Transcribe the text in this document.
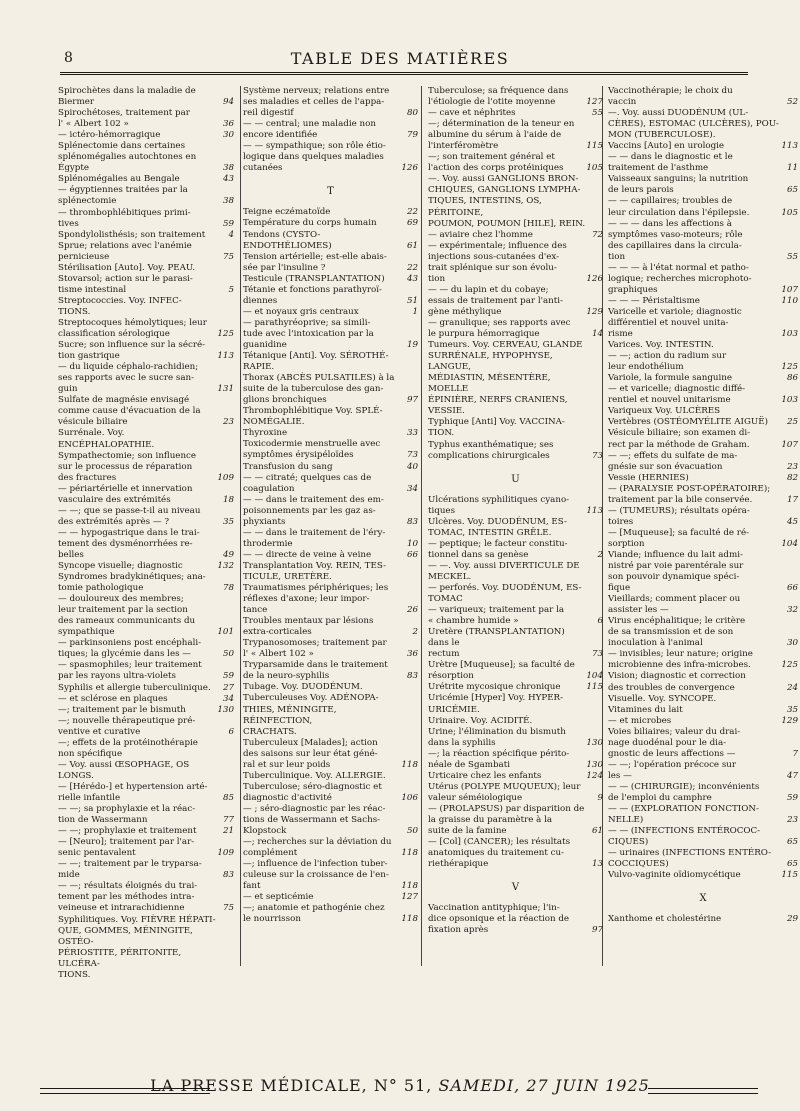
8	TABLE DES MATIÈRES
Spirochètes dans la maladie de
Biermer	94
Spirochétoses, traitement par
l' « Albert 102 »	36
— ictéro-hémorragique	30
Splénectomie dans certaines
splénomégalies autochtones en
Égypte	38
Splénomégalies au Bengale	43
— égyptiennes traitées par la
splénectomie	38
— thrombophlébitiques primi-
tives	59
Spondylolisthésis; son traitement	4
Sprue; relations avec l'anémie
pernicieuse	75
Stérilisation [Auto]. Voy. PEAU.
Stovarsol; action sur le parasi-
tisme intestinal	5
Streptococcies. Voy. INFEC-
TIONS.
Streptocoques hémolytiques; leur
classification sérologique	125
Sucre; son influence sur la sécré-
tion gastrique	113
— du liquide céphalo-rachidien;
ses rapports avec le sucre san-
guin	131
Sulfate de magnésie envisagé
comme cause d'évacuation de la
vésicule biliaire	23
Surrénale. Voy. ENCÉPHALOPATHIE.
Sympathectomie; son influence
sur le processus de réparation
des fractures	109
— périartérielle et innervation
vasculaire des extrémités	18
— —; que se passe-t-il au niveau
des extrémités après — ?	35
— — hypogastrique dans le trai-
tement des dysménorrhées re-
belles	49
Syncope visuelle; diagnostic	132
Syndromes bradykinétiques; ana-
tomie pathologique	78
— douloureux des membres;
leur traitement par la section
des rameaux communicants du
sympathique	101
— parkinsoniens post encéphali-
tiques; la glycémie dans les —	50
— spasmophiles; leur traitement
par les rayons ultra-violets	59
Syphilis et allergie tuberculinique.	27
— et sclérose en plaques	34
—; traitement par le bismuth	130
—; nouvelle thérapeutique pré-
ventive et curative	6
—; effets de la protéinothérapie
non spécifique
— Voy. aussi ŒSOPHAGE, OS LONGS.
— [Hérédo-] et hypertension arté-
rielle infantile	85
— —; sa prophylaxie et la réac-
tion de Wassermann	77
— —; prophylaxie et traitement	21
— [Neuro]; traitement par l'ar-
senic pentavalent	109
— —; traitement par le tryparsa-
mide	83
— —; résultats éloignés du trai-
tement par les méthodes intra-
veineuse et intrarachidienne	75
Syphilitiques. Voy. FIÈVRE HÉPATI-
QUE, GOMMES, MÉNINGITE, OSTÉO-
PÉRIOSTITE, PÉRITONITE, ULCÉRA-
TIONS.
Système nerveux; relations entre
ses maladies et celles de l'appa-
reil digestif	80
— — central; une maladie non
encore identifiée	79
— — sympathique; son rôle étio-
logique dans quelques maladies
cutanées	126
T
Teigne eczématoïde	22
Température du corps humain	69
Tendons (CYSTO-ENDOTHÉLIOMES)	61
Tension artérielle; est-elle abais-
sée par l'insuline ?	22
Testicule (TRANSPLANTATION)	43
Tétanie et fonctions parathyroï-
diennes	51
— et noyaux gris centraux	1
— parathyréoprive; sa simili-
tude avec l'intoxication par la
guanidine	19
Tétanique [Anti]. Voy. SÉROTHÉ-
RAPIE.
Thorax (ABCÈS PULSATILES) à la
suite de la tuberculose des gan-
glions bronchiques	97
Thrombophlébitique Voy. SPLÉ-
NOMÉGALIE.
Thyroxine	33
Toxicodermie menstruelle avec
symptômes érysipéloïdes	73
Transfusion du sang	40
— — citraté; quelques cas de
coagulation	34
— — dans le traitement des em-
poisonnements par les gaz as-
phyxiants	83
— — dans le traitement de l'éry-
throdermie	10
— — directe de veine à veine	66
Transplantation Voy. REIN, TES-
TICULE, URETÈRE.
Traumatismes périphériques; les
réflexes d'axone; leur impor-
tance	26
Troubles mentaux par lésions
extra-corticales	2
Trypanosomoses; traitement par
l' « Albert 102 »	36
Tryparsamide dans le traitement
de la neuro-syphilis	83
Tubage. Voy. DUODÉNUM.
Tuberculeuses Voy. ADÉNOPA-
THIES, MÉNINGITE, RÉINFECTION,
CRACHATS.
Tuberculeux [Malades]; action
des saisons sur leur état géné-
ral et sur leur poids	118
Tuberculinique. Voy. ALLERGIE.
Tuberculose; séro-diagnostic et
diagnostic d'activité	106
— ; séro-diagnostic par les réac-
tions de Wassermann et Sachs-
Klopstock	50
—; recherches sur la déviation du
complément	118
—; influence de l'infection tuber-
culeuse sur la croissance de l'en-
fant	118
— et septicémie	127
—; anatomie et pathogénie chez
le nourrisson	118
Tuberculose; sa fréquence dans
l'étiologie de l'otite moyenne	127
— cave et néphrites	55
—; détermination de la teneur en
albumine du sérum à l'aide de
l'interféromètre	115
—; son traitement général et
l'action des corps protéiniques	105
—. Voy. aussi GANGLIONS BRON-
CHIQUES, GANGLIONS LYMPHA-
TIQUES, INTESTINS, OS, PÉRITOINE,
POUMON, POUMON [HILE], REIN.
— aviaire chez l'homme	72
— expérimentale; influence des
injections sous-cutanées d'ex-
trait splénique sur son évolu-
tion	126
— — du lapin et du cobaye;
essais de traitement par l'anti-
gène méthylique	129
— granulique; ses rapports avec
le purpura hémorragique	14
Tumeurs. Voy. CERVEAU, GLANDE
SURRÉNALE, HYPOPHYSE, LANGUE,
MÉDIASTIN, MÉSENTÈRE, MOELLE
ÉPINIÈRE, NERFS CRANIENS, VESSIE.
Typhique [Anti] Voy. VACCINA-
TION.
Typhus exanthématique; ses
complications chirurgicales	73
U
Ulcérations syphilitiques cyano-
tiques	113
Ulcères. Voy. DUODÉNUM, ES-
TOMAC, INTESTIN GRÊLE.
— peptique; le facteur constitu-
tionnel dans sa genèse	2
— —. Voy. aussi DIVERTICULE DE
MECKEL.
— perforés. Voy. DUODÉNUM, ES-
TOMAC
— variqueux; traitement par la
« chambre humide »	6
Uretère (TRANSPLANTATION) dans le
rectum	73
Urètre [Muqueuse]; sa faculté de
résorption	104
Urétrite mycosique chronique	115
Uricémie [Hyper] Voy. HYPER-
URICÉMIE.
Urinaire. Voy. ACIDITÉ.
Urine; l'élimination du bismuth
dans la syphilis	130
—; la réaction spécifique périto-
néale de Sgambati	130
Urticaire chez les enfants	124
Utérus (POLYPE MUQUEUX); leur
valeur séméiologique	9
— (PROLAPSUS) par disparition de
la graisse du paramètre à la
suite de la famine	61
— [Col] (CANCER); les résultats
anatomiques du traitement cu-
riethérapique	13
V
Vaccination antityphique; l'in-
dice opsonique et la réaction de
fixation après	97
Vaccinothérapie; le choix du
vaccin	52
—. Voy. aussi DUODÉNUM (UL-
CÈRES), ESTOMAC (ULCÈRES), POU-
MON (TUBERCULOSE).
Vaccins [Auto] en urologie	113
— — dans le diagnostic et le
traitement de l'asthme	11
Vaisseaux sanguins; la nutrition
de leurs parois	65
— — capillaires; troubles de
leur circulation dans l'épilepsie.	105
— — — dans les affections à
symptômes vaso-moteurs; rôle
des capillaires dans la circula-
tion	55
— — — à l'état normal et patho-
logique; recherches microphoto-
graphiques	107
— — — Péristaltisme	110
Varicelle et variole; diagnostic
différentiel et nouvel unita-
risme	103
Varices. Voy. INTESTIN.
— —; action du radium sur
leur endothélium	125
Variole, la formule sanguine	86
— et varicelle; diagnostic diffé-
rentiel et nouvel unitarisme	103
Variqueux Voy. ULCÈRES
Vertèbres (OSTÉOMYÉLITE AIGUË)	25
Vésicule biliaire; son examen di-
rect par la méthode de Graham.	107
— —; effets du sulfate de ma-
gnésie sur son évacuation	23
Vessie (HERNIES)	82
— (PARALYSIE POST-OPÉRATOIRE);
traitement par la bile conservée.	17
— (TUMEURS); résultats opéra-
toires	45
— [Muqueuse]; sa faculté de ré-
sorption	104
Viande; influence du lait admi-
nistré par voie parentérale sur
son pouvoir dynamique spéci-
fique	66
Vieillards; comment placer ou
assister les —	32
Virus encéphalitique; le critère
de sa transmission et de son
inoculation à l'animal	30
— invisibles; leur nature; origine
microbienne des infra-microbes.	125
Vision; diagnostic et correction
des troubles de convergence	24
Visuelle. Voy. SYNCOPE.
Vitamines du lait	35
— et microbes	129
Voies biliaires; valeur du drai-
nage duodénal pour le dia-
gnostic de leurs affections —	7
— —; l'opération précoce sur
les —	47
— — (CHIRURGIE); inconvénients
de l'emploi du camphre	59
— — (EXPLORATION FONCTION-
NELLE)	23
— — (INFECTIONS ENTÉROCOC-
CIQUES)	65
— urinaires (INFECTIONS ENTÉRO-
COCCIQUES)	65
Vulvo-vaginite oïdiomycétique	115
X
Xanthome et cholestérine	29
LA PRESSE MÉDICALE, N° 51, SAMEDI, 27 JUIN 1925
